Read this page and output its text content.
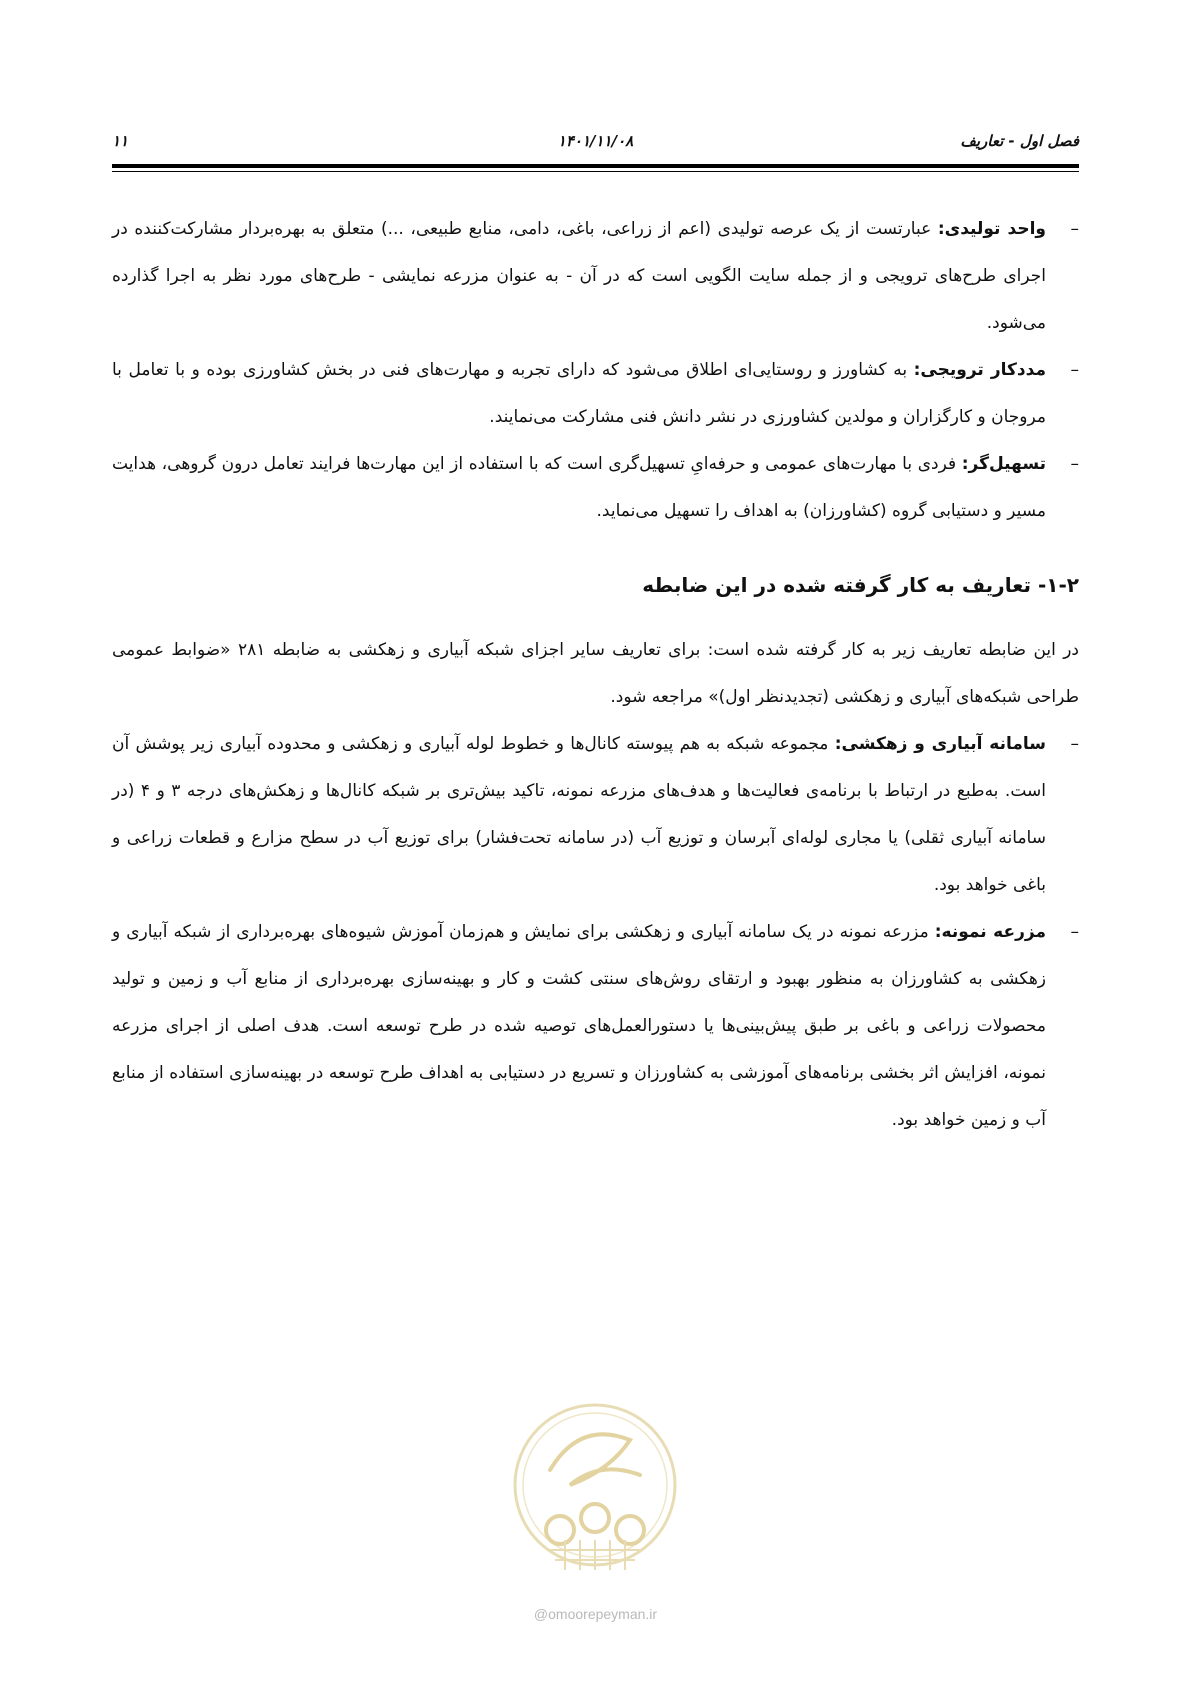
فصل اول - تعاریف
۱۴۰۱/۱۱/۰۸
۱۱

–
واحد تولیدی: عبارتست از یک عرصه تولیدی (اعم از زراعی، باغی، دامی، منابع طبیعی، ...) متعلق به بهره‌بردار مشارکت‌کننده در اجرای طرح‌های ترویجی و از جمله سایت الگویی است که در آن - به عنوان مزرعه نمایشی - طرح‌های مورد نظر به اجرا گذارده می‌شود.

–
مددکار ترویجی: به کشاورز و روستایی‌ای اطلاق می‌شود که دارای تجربه و مهارت‌های فنی در بخش کشاورزی بوده و با تعامل با مروجان و کارگزاران و مولدین کشاورزی در نشر دانش فنی مشارکت می‌نمایند.

–
تسهیل‌گر: فردی با مهارت‌های عمومی و حرفه‌ایِ تسهیل‌گری است که با استفاده از این مهارت‌ها فرایند تعامل درون گروهی، هدایت مسیر و دستیابی گروه (کشاورزان) به اهداف را تسهیل می‌نماید.

۱-۲- تعاریف به کار گرفته شده در این ضابطه

در این ضابطه تعاریف زیر به کار گرفته شده است: برای تعاریف سایر اجزای شبکه آبیاری و زهکشی به ضابطه ۲۸۱ «ضوابط عمومی طراحی شبکه‌های آبیاری و زهکشی (تجدیدنظر اول)» مراجعه شود.

–
سامانه آبیاری و زهکشی: مجموعه شبکه به هم پیوسته کانال‌ها و خطوط لوله آبیاری و زهکشی و محدوده آبیاری زیر پوشش آن است. به‌طبع در ارتباط با برنامه‌ی فعالیت‌ها و هدف‌های مزرعه نمونه، تاکید بیش‌تری بر شبکه کانال‌ها و زهکش‌های درجه ۳ و ۴ (در سامانه آبیاری ثقلی) یا مجاری لوله‌ای آبرسان و توزیع آب (در سامانه تحت‌فشار) برای توزیع آب در سطح مزارع و قطعات زراعی و باغی خواهد بود.

–
مزرعه نمونه: مزرعه نمونه در یک سامانه آبیاری و زهکشی برای نمایش و هم‌زمان آموزش شیوه‌های بهره‌برداری از شبکه آبیاری و زهکشی به کشاورزان به منظور بهبود و ارتقای روش‌های سنتی کشت و کار و بهینه‌سازی بهره‌برداری از منابع آب و زمین و تولید محصولات زراعی و باغی بر طبق پیش‌بینی‌ها یا دستورالعمل‌های توصیه شده در طرح توسعه است. هدف اصلی از اجرای مزرعه نمونه، افزایش اثر بخشی برنامه‌های آموزشی به کشاورزان و تسریع در دستیابی به اهداف طرح توسعه در بهینه‌سازی استفاده از منابع آب و زمین خواهد بود.

@omoorepeyman.ir
